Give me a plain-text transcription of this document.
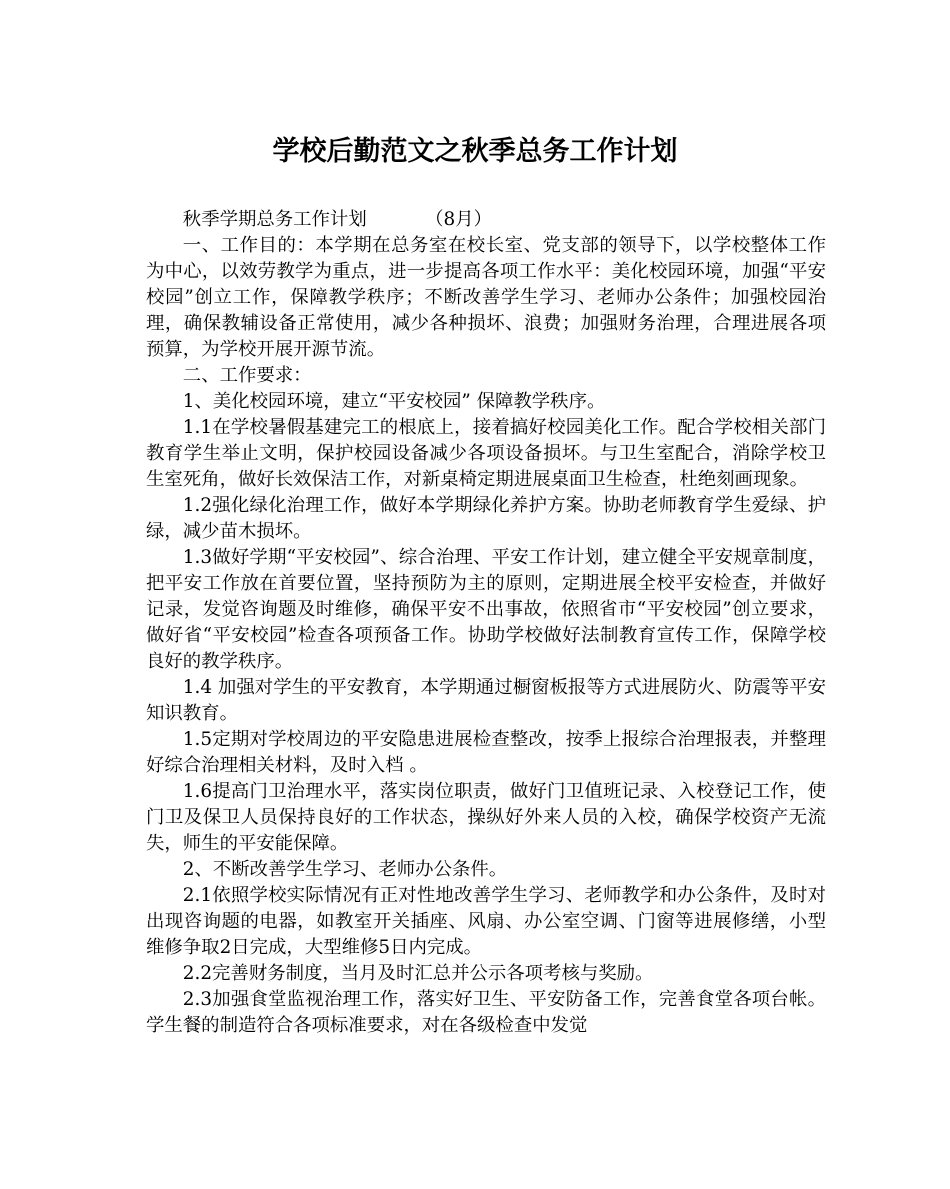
学校后勤范文之秋季总务工作计划

秋季学期总务工作计划          （8月）

一、工作目的：本学期在总务室在校长室、党支部的领导下，以学校整体工作为中心，以效劳教学为重点，进一步提高各项工作水平：美化校园环境，加强“平安校园”创立工作，保障教学秩序；不断改善学生学习、老师办公条件；加强校园治理，确保教辅设备正常使用，减少各种损坏、浪费；加强财务治理，合理进展各项预算，为学校开展开源节流。

二、工作要求：

1、美化校园环境，建立“平安校园” 保障教学秩序。

1.1在学校暑假基建完工的根底上，接着搞好校园美化工作。配合学校相关部门教育学生举止文明，保护校园设备减少各项设备损坏。与卫生室配合，消除学校卫生室死角，做好长效保洁工作，对新桌椅定期进展桌面卫生检查，杜绝刻画现象。

1.2强化绿化治理工作，做好本学期绿化养护方案。协助老师教育学生爱绿、护绿，减少苗木损坏。

1.3做好学期“平安校园”、综合治理、平安工作计划，建立健全平安规章制度，把平安工作放在首要位置，坚持预防为主的原则，定期进展全校平安检查，并做好记录，发觉咨询题及时维修，确保平安不出事故，依照省市“平安校园”创立要求，做好省“平安校园”检查各项预备工作。协助学校做好法制教育宣传工作，保障学校良好的教学秩序。

1.4 加强对学生的平安教育，本学期通过橱窗板报等方式进展防火、防震等平安知识教育。

1.5定期对学校周边的平安隐患进展检查整改，按季上报综合治理报表，并整理好综合治理相关材料，及时入档 。

1.6提高门卫治理水平，落实岗位职责，做好门卫值班记录、入校登记工作，使门卫及保卫人员保持良好的工作状态，操纵好外来人员的入校，确保学校资产无流失，师生的平安能保障。

2、不断改善学生学习、老师办公条件。

2.1依照学校实际情况有正对性地改善学生学习、老师教学和办公条件，及时对出现咨询题的电器，如教室开关插座、风扇、办公室空调、门窗等进展修缮，小型维修争取2日完成，大型维修5日内完成。

2.2完善财务制度，当月及时汇总并公示各项考核与奖励。

2.3加强食堂监视治理工作，落实好卫生、平安防备工作，完善食堂各项台帐。学生餐的制造符合各项标准要求，对在各级检查中发觉
